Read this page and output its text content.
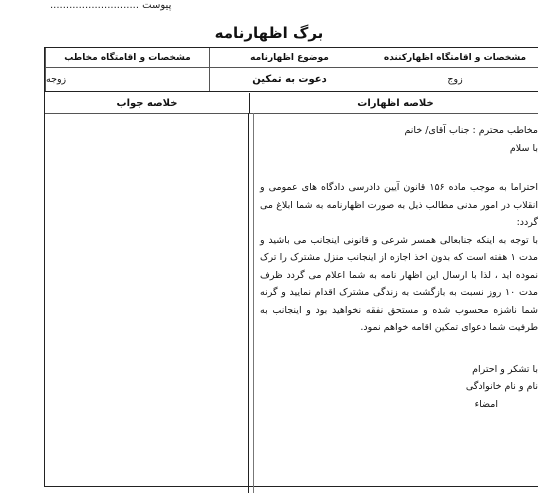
پیوست ............................
برگ اظهارنامه
مشخصات و اقامتگاه اظهارکننده
موضوع اظهارنامه
مشخصات و اقامتگاه مخاطب
زوج
دعوت به تمکین
زوجه
خلاصه اظهارات
خلاصه جواب

مخاطب محترم : جناب آقای/ خانم

با سلام

احتراما به موجب ماده ۱۵۶ قانون آیین دادرسی دادگاه های عمومی و انقلاب در امور مدنی مطالب ذیل به صورت اظهارنامه به شما ابلاغ می گردد:

با توجه به اینکه جنابعالی همسر شرعی و قانونی اینجانب می باشید و مدت ۱ هفته است که بدون اخذ اجازه از اینجانب منزل مشترک را ترک نموده اید ، لذا با ارسال این اظهار نامه به شما اعلام می گردد ظرف مدت ۱۰ روز نسبت به بازگشت به زندگی مشترک اقدام نمایید و گرنه شما ناشزه محسوب شده و مستحق نفقه نخواهید بود و اینجانب به طرفیت شما دعوای تمکین اقامه خواهم نمود.

با تشکر و احترام

نام و نام خانوادگی

امضاء
